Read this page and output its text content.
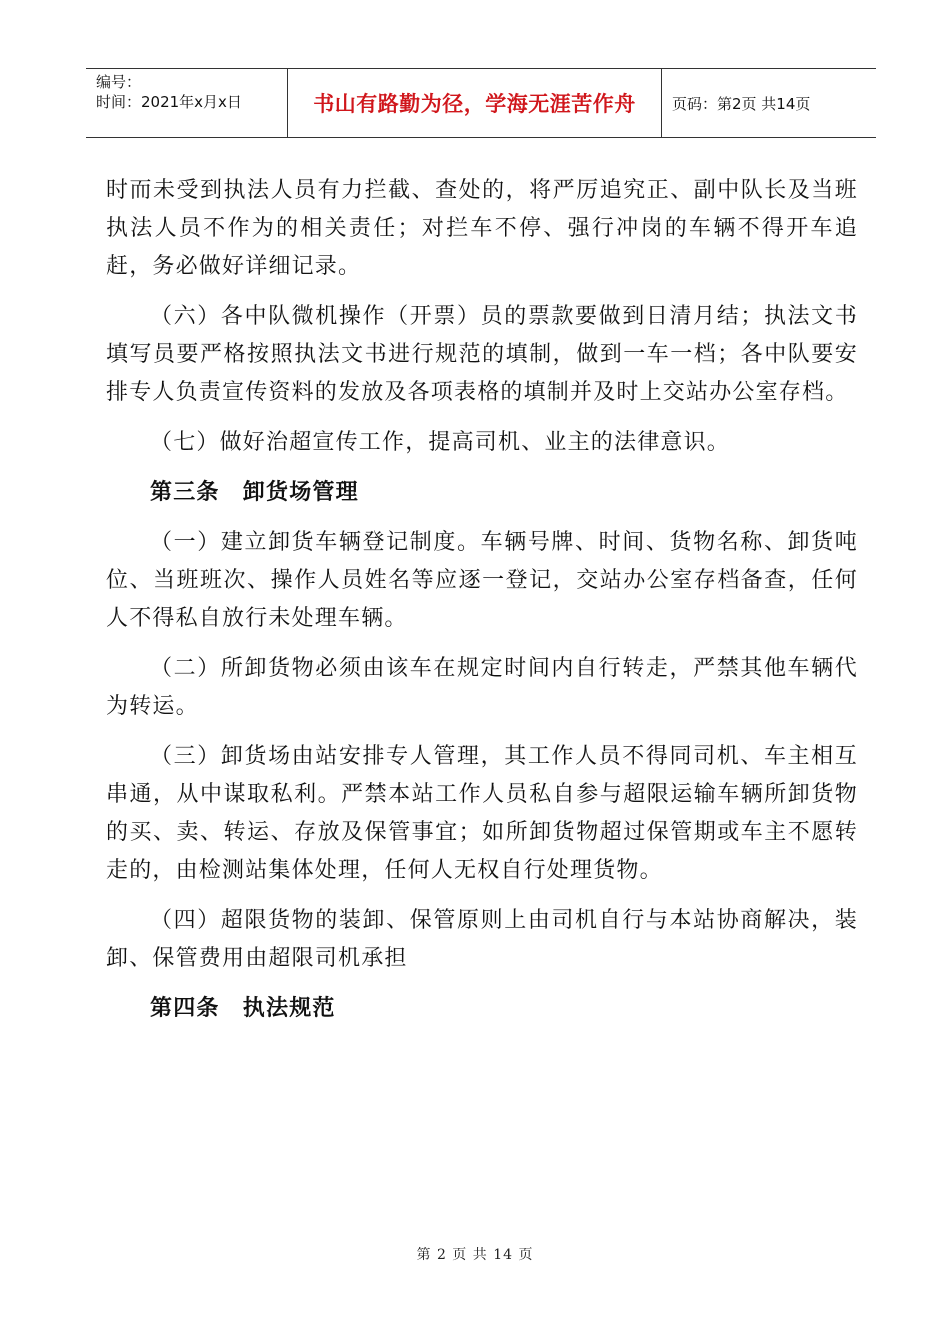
编号：
时间：2021年x月x日	书山有路勤为径，学海无涯苦作舟	页码：第2页 共14页

时而未受到执法人员有力拦截、查处的，将严厉追究正、副中队长及当班执法人员不作为的相关责任；对拦车不停、强行冲岗的车辆不得开车追赶，务必做好详细记录。

（六）各中队微机操作（开票）员的票款要做到日清月结；执法文书填写员要严格按照执法文书进行规范的填制，做到一车一档；各中队要安排专人负责宣传资料的发放及各项表格的填制并及时上交站办公室存档。

（七）做好治超宣传工作，提高司机、业主的法律意识。

第三条　卸货场管理

（一）建立卸货车辆登记制度。车辆号牌、时间、货物名称、卸货吨位、当班班次、操作人员姓名等应逐一登记，交站办公室存档备查，任何人不得私自放行未处理车辆。

（二）所卸货物必须由该车在规定时间内自行转走，严禁其他车辆代为转运。

（三）卸货场由站安排专人管理，其工作人员不得同司机、车主相互串通，从中谋取私利。严禁本站工作人员私自参与超限运输车辆所卸货物的买、卖、转运、存放及保管事宜；如所卸货物超过保管期或车主不愿转走的，由检测站集体处理，任何人无权自行处理货物。

（四）超限货物的装卸、保管原则上由司机自行与本站协商解决，装卸、保管费用由超限司机承担

第四条　执法规范

第 2 页 共 14 页
